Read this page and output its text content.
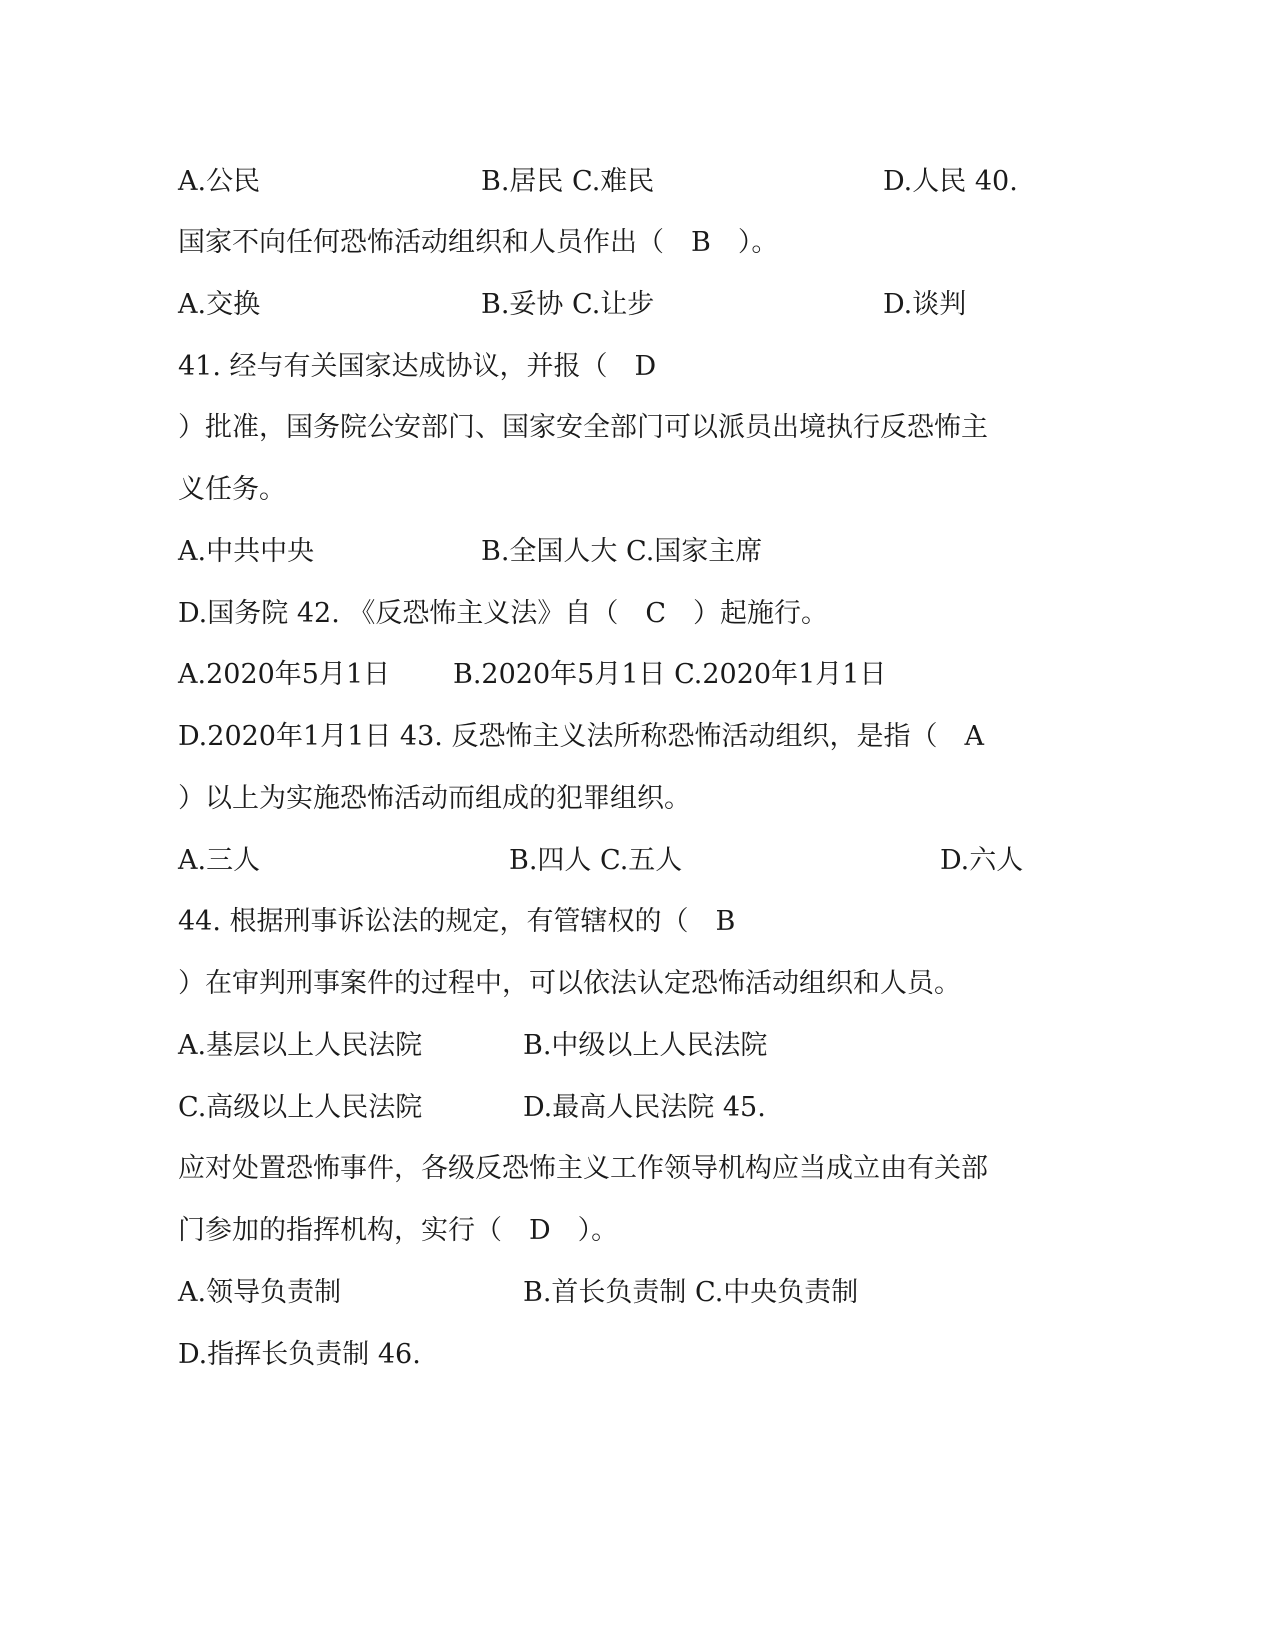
A.公民	B.居民 C.难民	D.人民 40.
国家不向任何恐怖活动组织和人员作出（　B　）。
A.交换	B.妥协 C.让步	D.谈判
41. 经与有关国家达成协议，并报（　D
）批准，国务院公安部门、国家安全部门可以派员出境执行反恐怖主
义任务。
A.中共中央	B.全国人大 C.国家主席
D.国务院 42. 《反恐怖主义法》自（　C　）起施行。
A.2020年5月1日 B.2020年5月1日 C.2020年1月1日
D.2020年1月1日 43. 反恐怖主义法所称恐怖活动组织，是指（　A
）以上为实施恐怖活动而组成的犯罪组织。
A.三人	B.四人 C.五人	D.六人
44. 根据刑事诉讼法的规定，有管辖权的（　B
）在审判刑事案件的过程中，可以依法认定恐怖活动组织和人员。
A.基层以上人民法院	B.中级以上人民法院
C.高级以上人民法院	D.最高人民法院 45.
应对处置恐怖事件，各级反恐怖主义工作领导机构应当成立由有关部
门参加的指挥机构，实行（　D　）。
A.领导负责制	B.首长负责制 C.中央负责制
D.指挥长负责制 46.
